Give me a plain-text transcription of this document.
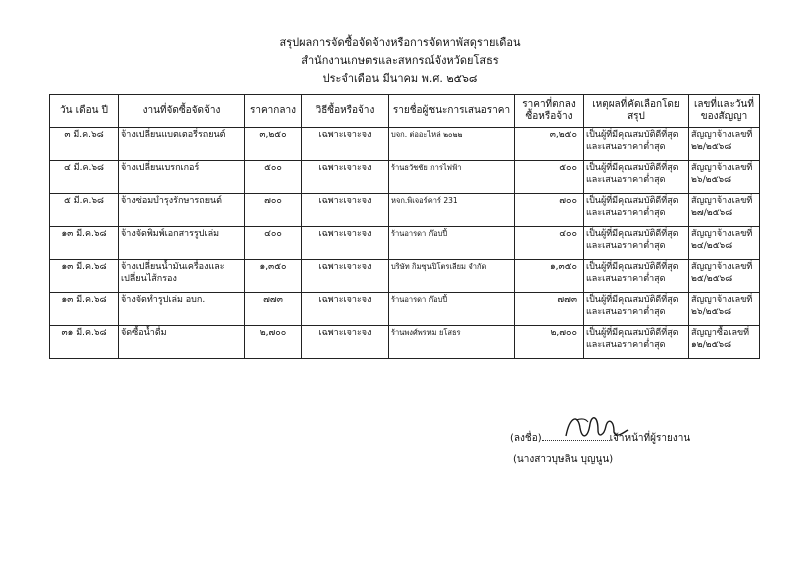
สรุปผลการจัดซื้อจัดจ้างหรือการจัดหาพัสดุรายเดือน
สำนักงานเกษตรและสหกรณ์จังหวัดยโสธร
ประจำเดือน มีนาคม พ.ศ. ๒๕๖๘
วัน เดือน ปี	งานที่จัดซื้อจัดจ้าง	ราคากลาง	วิธีซื้อหรือจ้าง	รายชื่อผู้ชนะการเสนอราคา	ราคาที่ตกลงซื้อหรือจ้าง	เหตุผลที่คัดเลือกโดยสรุป	เลขที่และวันที่ของสัญญา
๓ มี.ค.๖๘	จ้างเปลี่ยนแบตเตอรี่รถยนต์	๓,๒๕๐	เฉพาะเจาะจง	บจก. ต่ออะไหล่ ๒๐๒๒	๓,๒๕๐	เป็นผู้ที่มีคุณสมบัติดีที่สุดและเสนอราคาต่ำสุด	สัญญาจ้างเลขที่ ๒๒/๒๕๖๘
๔ มี.ค.๖๘	จ้างเปลี่ยนเบรกเกอร์	๕๐๐	เฉพาะเจาะจง	ร้านธวัชชัย การไฟฟ้า	๕๐๐	เป็นผู้ที่มีคุณสมบัติดีที่สุดและเสนอราคาต่ำสุด	สัญญาจ้างเลขที่ ๒๖/๒๕๖๘
๕ มี.ค.๖๘	จ้างซ่อมบำรุงรักษารถยนต์	๗๐๐	เฉพาะเจาะจง	หจก.พิเจอร์คาร์ 231	๗๐๐	เป็นผู้ที่มีคุณสมบัติดีที่สุดและเสนอราคาต่ำสุด	สัญญาจ้างเลขที่ ๒๗/๒๕๖๘
๑๓ มี.ค.๖๘	จ้างจัดพิมพ์เอกสารรูปเล่ม	๔๐๐	เฉพาะเจาะจง	ร้านอารดา ก๊อบปี้	๔๐๐	เป็นผู้ที่มีคุณสมบัติดีที่สุดและเสนอราคาต่ำสุด	สัญญาจ้างเลขที่ ๒๔/๒๕๖๘
๑๓ มี.ค.๖๘	จ้างเปลี่ยนน้ำมันเครื่องและเปลี่ยนไส้กรอง	๑,๓๕๐	เฉพาะเจาะจง	บริษัท กิมซุนปิโตรเลียม จำกัด	๑,๓๕๐	เป็นผู้ที่มีคุณสมบัติดีที่สุดและเสนอราคาต่ำสุด	สัญญาจ้างเลขที่ ๒๕/๒๕๖๘
๑๓ มี.ค.๖๘	จ้างจัดทำรูปเล่ม อบก.	๗๗๓	เฉพาะเจาะจง	ร้านอารดา ก๊อบปี้	๗๗๓	เป็นผู้ที่มีคุณสมบัติดีที่สุดและเสนอราคาต่ำสุด	สัญญาจ้างเลขที่ ๒๖/๒๕๖๘
๓๑ มี.ค.๖๘	จัดซื้อน้ำดื่ม	๒,๗๐๐	เฉพาะเจาะจง	ร้านพงศ์พรหม ยโสธร	๒,๗๐๐	เป็นผู้ที่มีคุณสมบัติดีที่สุดและเสนอราคาต่ำสุด	สัญญาซื้อเลขที่ ๑๒/๒๕๖๘
(ลงชื่อ)	เจ้าหน้าที่ผู้รายงาน
(นางสาวบุษลิน บุญนูน)
